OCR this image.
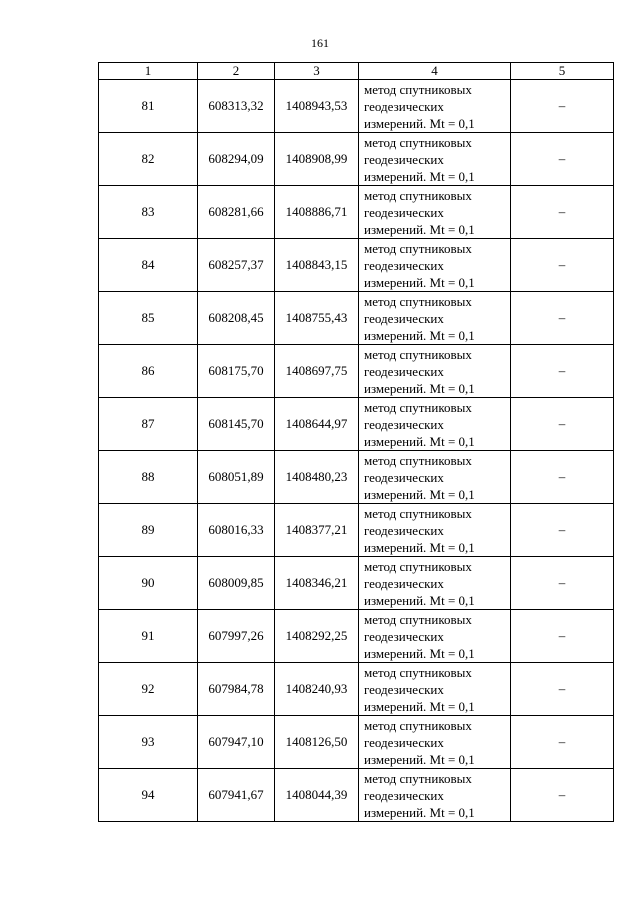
161
1	2	3	4	5
81	608313,32	1408943,53	метод спутниковых
геодезических
измерений. Mt = 0,1	–
82	608294,09	1408908,99	метод спутниковых
геодезических
измерений. Mt = 0,1	–
83	608281,66	1408886,71	метод спутниковых
геодезических
измерений. Mt = 0,1	–
84	608257,37	1408843,15	метод спутниковых
геодезических
измерений. Mt = 0,1	–
85	608208,45	1408755,43	метод спутниковых
геодезических
измерений. Mt = 0,1	–
86	608175,70	1408697,75	метод спутниковых
геодезических
измерений. Mt = 0,1	–
87	608145,70	1408644,97	метод спутниковых
геодезических
измерений. Mt = 0,1	–
88	608051,89	1408480,23	метод спутниковых
геодезических
измерений. Mt = 0,1	–
89	608016,33	1408377,21	метод спутниковых
геодезических
измерений. Mt = 0,1	–
90	608009,85	1408346,21	метод спутниковых
геодезических
измерений. Mt = 0,1	–
91	607997,26	1408292,25	метод спутниковых
геодезических
измерений. Mt = 0,1	–
92	607984,78	1408240,93	метод спутниковых
геодезических
измерений. Mt = 0,1	–
93	607947,10	1408126,50	метод спутниковых
геодезических
измерений. Mt = 0,1	–
94	607941,67	1408044,39	метод спутниковых
геодезических
измерений. Mt = 0,1	–
